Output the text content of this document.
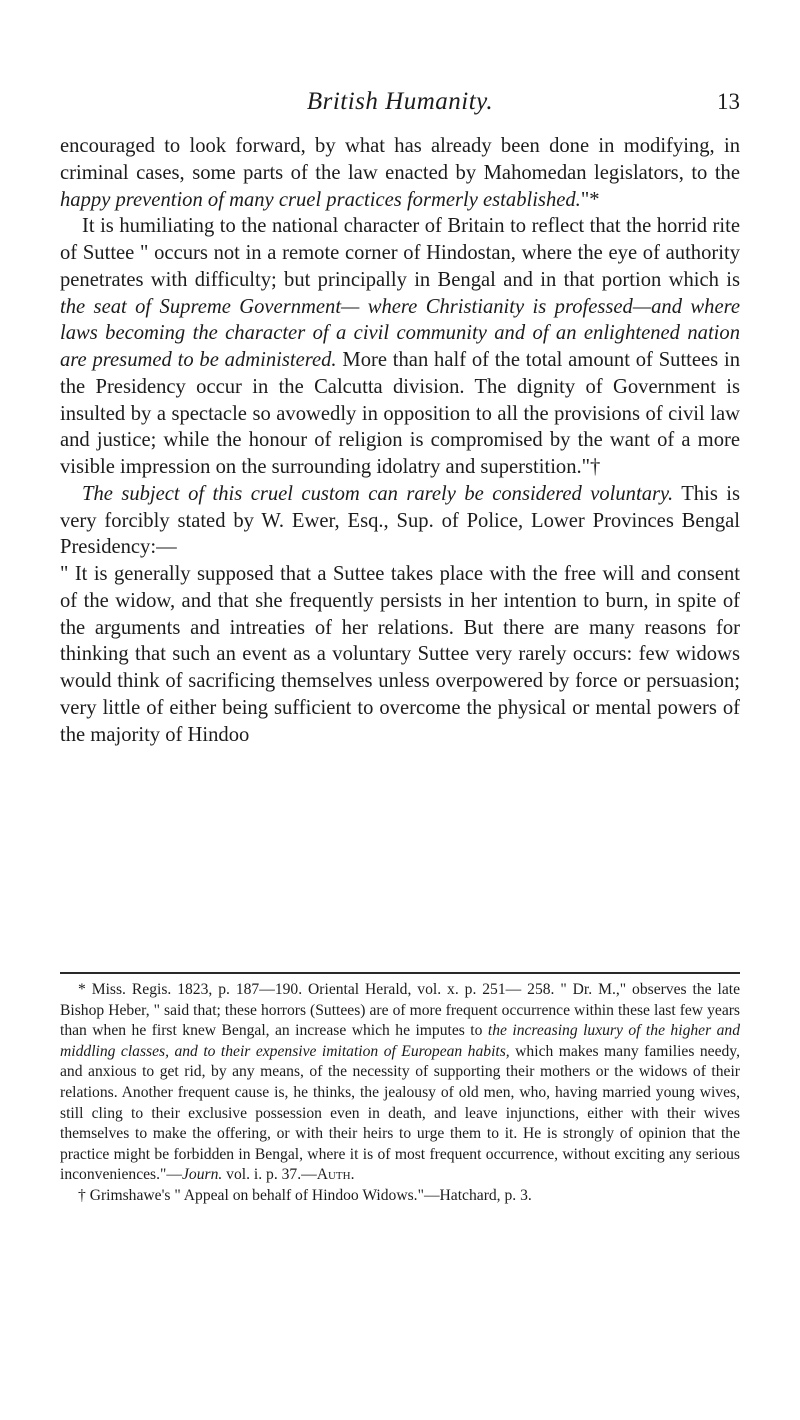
British Humanity.	13

encouraged to look forward, by what has already been done in modifying, in criminal cases, some parts of the law enacted by Mahomedan legislators, to the happy prevention of many cruel practices formerly established."*

It is humiliating to the national character of Britain to reflect that the horrid rite of Suttee " occurs not in a remote corner of Hindostan, where the eye of authority penetrates with difficulty; but principally in Bengal and in that portion which is the seat of Supreme Government— where Christianity is professed—and where laws becoming the character of a civil community and of an enlightened nation are presumed to be administered. More than half of the total amount of Suttees in the Presidency occur in the Calcutta division. The dignity of Government is insulted by a spectacle so avowedly in opposition to all the provisions of civil law and justice; while the honour of religion is compromised by the want of a more visible impression on the surrounding idolatry and superstition."†

The subject of this cruel custom can rarely be considered voluntary. This is very forcibly stated by W. Ewer, Esq., Sup. of Police, Lower Provinces Bengal Presidency:—

" It is generally supposed that a Suttee takes place with the free will and consent of the widow, and that she frequently persists in her intention to burn, in spite of the arguments and intreaties of her relations. But there are many reasons for thinking that such an event as a voluntary Suttee very rarely occurs: few widows would think of sacrificing themselves unless overpowered by force or persuasion; very little of either being sufficient to overcome the physical or mental powers of the majority of Hindoo

* Miss. Regis. 1823, p. 187—190. Oriental Herald, vol. x. p. 251— 258. " Dr. M.," observes the late Bishop Heber, " said that; these horrors (Suttees) are of more frequent occurrence within these last few years than when he first knew Bengal, an increase which he imputes to the increasing luxury of the higher and middling classes, and to their expensive imitation of European habits, which makes many families needy, and anxious to get rid, by any means, of the necessity of supporting their mothers or the widows of their relations. Another frequent cause is, he thinks, the jealousy of old men, who, having married young wives, still cling to their exclusive possession even in death, and leave injunctions, either with their wives themselves to make the offering, or with their heirs to urge them to it. He is strongly of opinion that the practice might be forbidden in Bengal, where it is of most frequent occurrence, without exciting any serious inconveniences."—Journ. vol. i. p. 37.—Auth.

† Grimshawe's " Appeal on behalf of Hindoo Widows."—Hatchard, p. 3.
